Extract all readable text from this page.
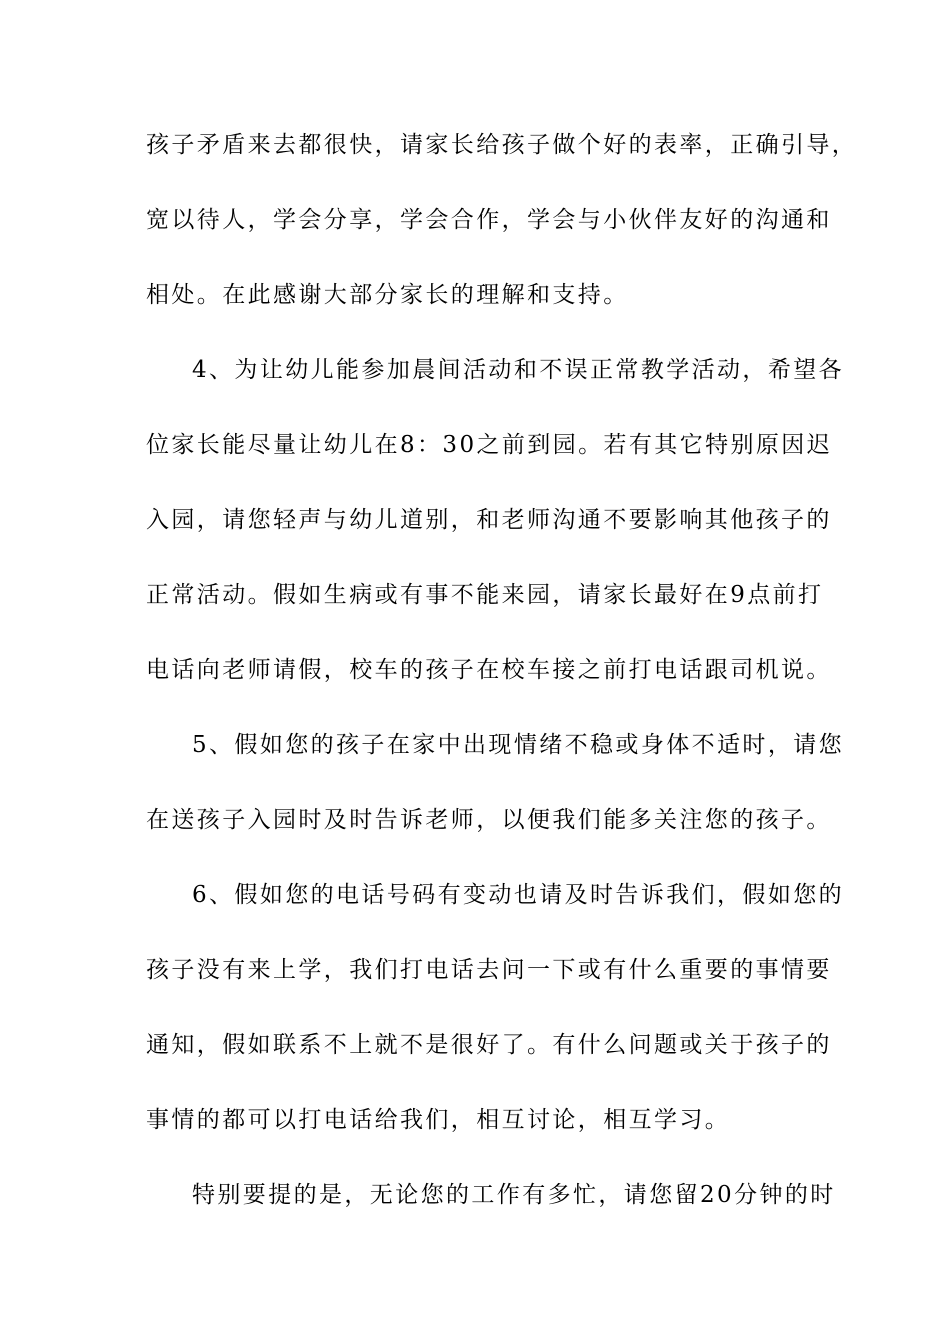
孩子矛盾来去都很快，请家长给孩子做个好的表率，正确引导，
宽以待人，学会分享，学会合作，学会与小伙伴友好的沟通和
相处。在此感谢大部分家长的理解和支持。
4、为让幼儿能参加晨间活动和不误正常教学活动，希望各
位家长能尽量让幼儿在8：30之前到园。若有其它特别原因迟
入园，请您轻声与幼儿道别，和老师沟通不要影响其他孩子的
正常活动。假如生病或有事不能来园，请家长最好在9点前打
电话向老师请假，校车的孩子在校车接之前打电话跟司机说。
5、假如您的孩子在家中出现情绪不稳或身体不适时，请您
在送孩子入园时及时告诉老师，以便我们能多关注您的孩子。
6、假如您的电话号码有变动也请及时告诉我们，假如您的
孩子没有来上学，我们打电话去问一下或有什么重要的事情要
通知，假如联系不上就不是很好了。有什么问题或关于孩子的
事情的都可以打电话给我们，相互讨论，相互学习。
特别要提的是，无论您的工作有多忙，请您留20分钟的时
